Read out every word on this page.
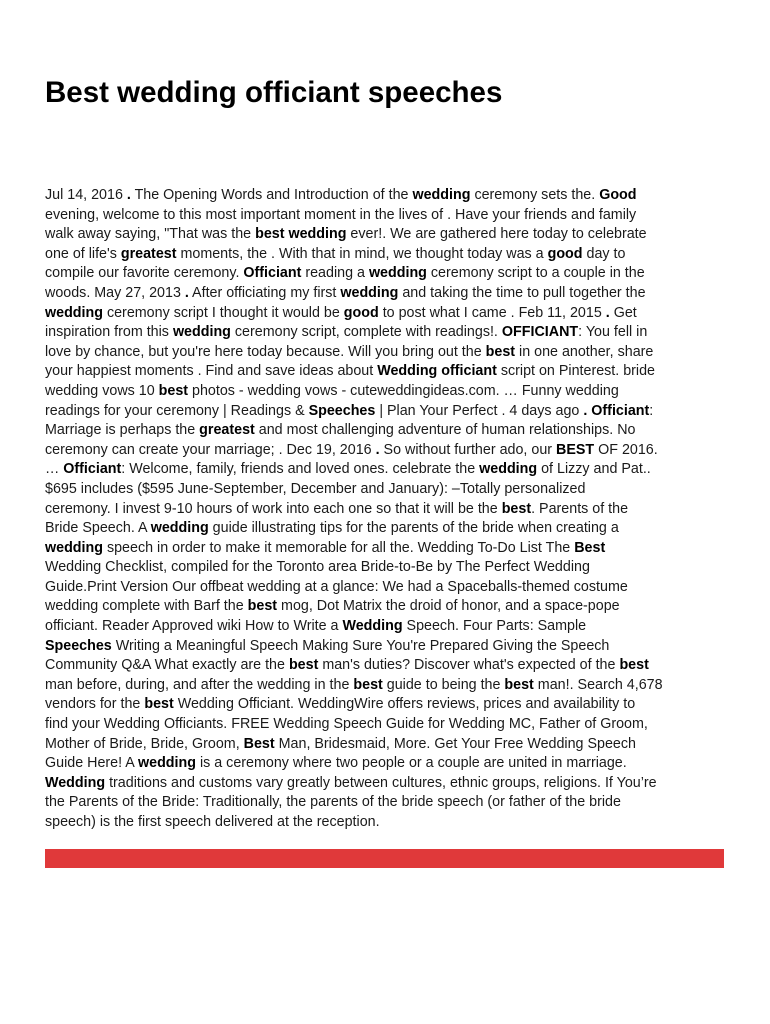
Best wedding officiant speeches
Jul 14, 2016 . The Opening Words and Introduction of the wedding ceremony sets the. Good
evening, welcome to this most important moment in the lives of . Have your friends and family
walk away saying, "That was the best wedding ever!. We are gathered here today to celebrate
one of life's greatest moments, the . With that in mind, we thought today was a good day to
compile our favorite ceremony. Officiant reading a wedding ceremony script to a couple in the
woods. May 27, 2013 . After officiating my first wedding and taking the time to pull together the
wedding ceremony script I thought it would be good to post what I came . Feb 11, 2015 . Get
inspiration from this wedding ceremony script, complete with readings!. OFFICIANT: You fell in
love by chance, but you're here today because. Will you bring out the best in one another, share
your happiest moments . Find and save ideas about Wedding officiant script on Pinterest. bride
wedding vows 10 best photos - wedding vows - cuteweddingideas.com. … Funny wedding
readings for your ceremony | Readings & Speeches | Plan Your Perfect . 4 days ago . Officiant:
Marriage is perhaps the greatest and most challenging adventure of human relationships. No
ceremony can create your marriage; . Dec 19, 2016 . So without further ado, our BEST OF 2016.
… Officiant: Welcome, family, friends and loved ones. celebrate the wedding of Lizzy and Pat..
$695 includes ($595 June-September, December and January): –Totally personalized
ceremony. I invest 9-10 hours of work into each one so that it will be the best. Parents of the
Bride Speech. A wedding guide illustrating tips for the parents of the bride when creating a
wedding speech in order to make it memorable for all the. Wedding To-Do List The Best
Wedding Checklist, compiled for the Toronto area Bride-to-Be by The Perfect Wedding
Guide.Print Version Our offbeat wedding at a glance: We had a Spaceballs-themed costume
wedding complete with Barf the best mog, Dot Matrix the droid of honor, and a space-pope
officiant. Reader Approved wiki How to Write a Wedding Speech. Four Parts: Sample
Speeches Writing a Meaningful Speech Making Sure You're Prepared Giving the Speech
Community Q&A What exactly are the best man's duties? Discover what's expected of the best
man before, during, and after the wedding in the best guide to being the best man!. Search 4,678
vendors for the best Wedding Officiant. WeddingWire offers reviews, prices and availability to
find your Wedding Officiants. FREE Wedding Speech Guide for Wedding MC, Father of Groom,
Mother of Bride, Bride, Groom, Best Man, Bridesmaid, More. Get Your Free Wedding Speech
Guide Here! A wedding is a ceremony where two people or a couple are united in marriage.
Wedding traditions and customs vary greatly between cultures, ethnic groups, religions. If You’re
the Parents of the Bride: Traditionally, the parents of the bride speech (or father of the bride
speech) is the first speech delivered at the reception.
